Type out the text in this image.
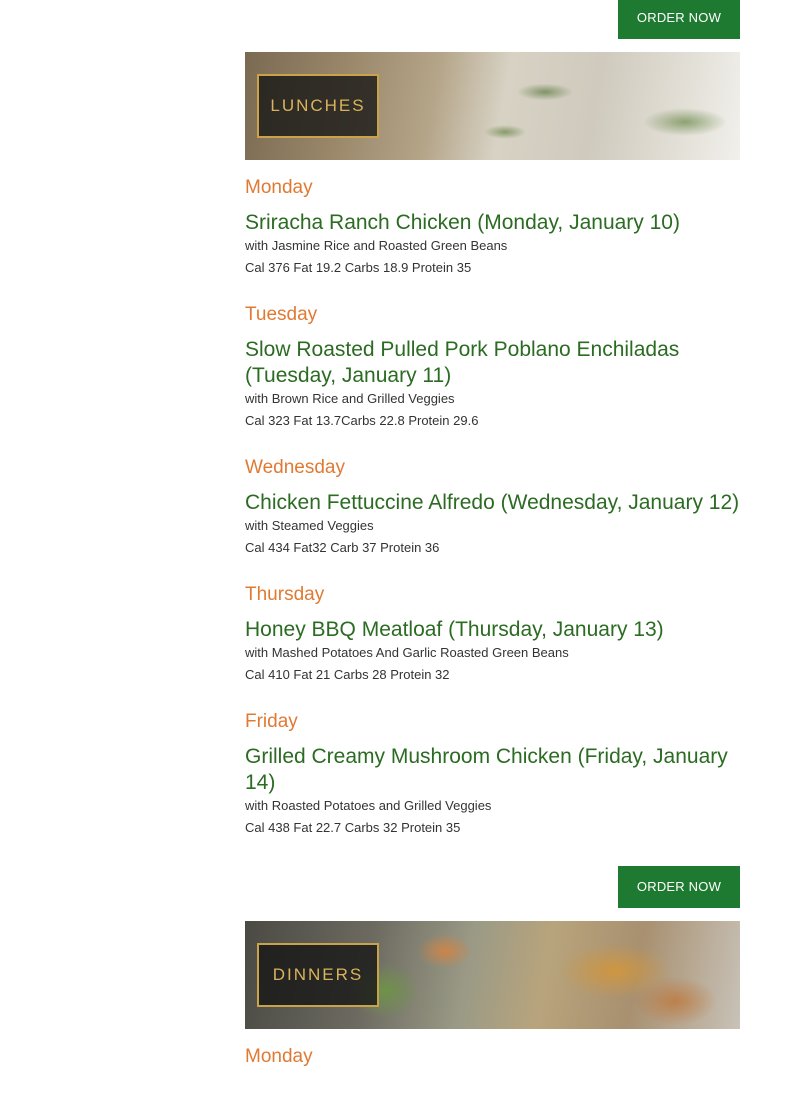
ORDER NOW
LUNCHES
Monday
Sriracha Ranch Chicken (Monday, January 10)
with Jasmine Rice and Roasted Green Beans
Cal 376 Fat 19.2 Carbs 18.9 Protein 35
Tuesday
Slow Roasted Pulled Pork Poblano Enchiladas (Tuesday, January 11)
with Brown Rice and Grilled Veggies
Cal 323 Fat 13.7Carbs 22.8 Protein 29.6
Wednesday
Chicken Fettuccine Alfredo (Wednesday, January 12)
with Steamed Veggies
Cal 434 Fat32 Carb 37 Protein 36
Thursday
Honey BBQ Meatloaf (Thursday, January 13)
with Mashed Potatoes And Garlic Roasted Green Beans
Cal 410 Fat 21 Carbs 28 Protein 32
Friday
Grilled Creamy Mushroom Chicken (Friday, January 14)
with Roasted Potatoes and Grilled Veggies
Cal 438 Fat 22.7 Carbs 32 Protein 35
ORDER NOW
DINNERS
Monday
